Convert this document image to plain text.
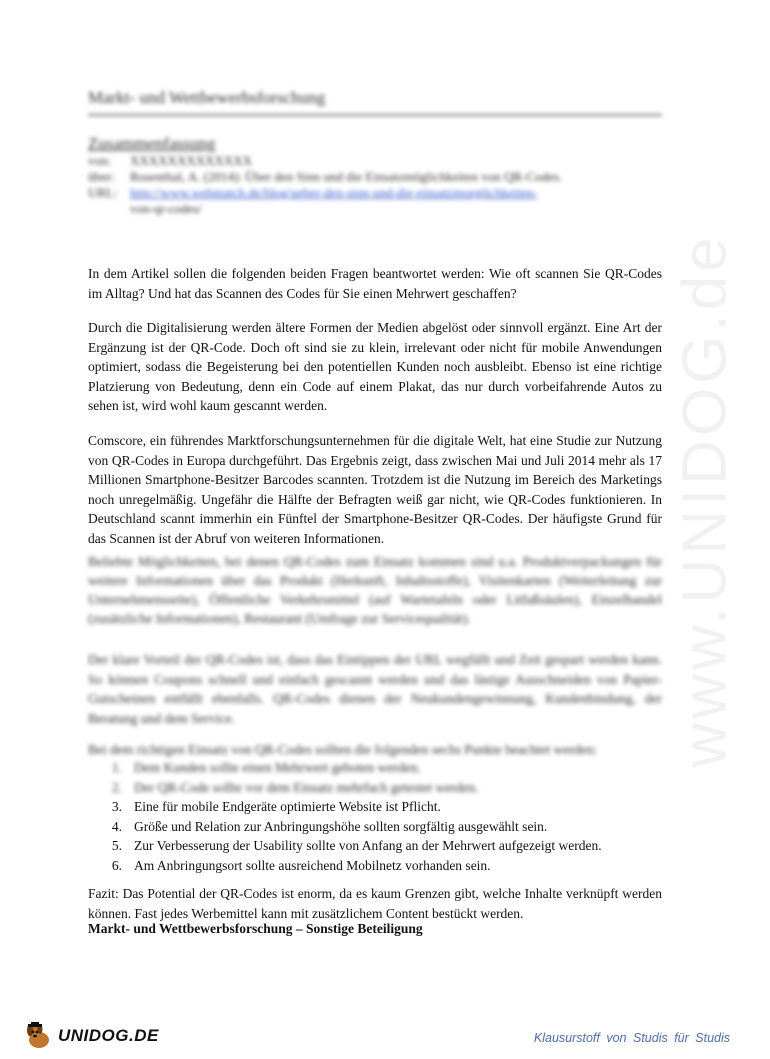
www.UNIDOG.de
Markt- und Wettbewerbsforschung
Zusammenfassung
von:	XXXXXXXXXXXXX
über:	Rosenthal, A. (2014): Über den Sinn und die Einsatzmöglichkeiten von QR-Codes.
URL: http://www.webmatch.de/blog/ueber-den-sinn-und-die-einsatzmoeglichkeiten-
von-qr-codes/

In dem Artikel sollen die folgenden beiden Fragen beantwortet werden: Wie oft scannen Sie QR-Codes im Alltag? Und hat das Scannen des Codes für Sie einen Mehrwert geschaffen?

Durch die Digitalisierung werden ältere Formen der Medien abgelöst oder sinnvoll ergänzt. Eine Art der Ergänzung ist der QR-Code. Doch oft sind sie zu klein, irrelevant oder nicht für mobile Anwendungen optimiert, sodass die Begeisterung bei den potentiellen Kunden noch ausbleibt. Ebenso ist eine richtige Platzierung von Bedeutung, denn ein Code auf einem Plakat, das nur durch vorbeifahrende Autos zu sehen ist, wird wohl kaum gescannt werden.

Comscore, ein führendes Marktforschungsunternehmen für die digitale Welt, hat eine Studie zur Nutzung von QR-Codes in Europa durchgeführt. Das Ergebnis zeigt, dass zwischen Mai und Juli 2014 mehr als 17 Millionen Smartphone-Besitzer Barcodes scannten. Trotzdem ist die Nutzung im Bereich des Marketings noch unregelmäßig. Ungefähr die Hälfte der Befragten weiß gar nicht, wie QR-Codes funktionieren. In Deutschland scannt immerhin ein Fünftel der Smartphone-Besitzer QR-Codes. Der häufigste Grund für das Scannen ist der Abruf von weiteren Informationen.

Beliebte Möglichkeiten, bei denen QR-Codes zum Einsatz kommen sind u.a. Produktverpackungen für weitere Informationen über das Produkt (Herkunft, Inhaltsstoffe), Visitenkarten (Weiterleitung zur Unternehmensseite), Öffentliche Verkehrsmittel (auf Wartetafeln oder Litfaßsäulen), Einzelhandel (zusätzliche Informationen), Restaurant (Umfrage zur Servicequalität).

Der klare Vorteil der QR-Codes ist, dass das Eintippen der URL wegfällt und Zeit gespart werden kann. So können Coupons schnell und einfach gescannt werden und das lästige Ausschneiden von Papier-Gutscheinen entfällt ebenfalls. QR-Codes dienen der Neukundengewinnung, Kundenbindung, der Beratung und dem Service.

Bei dem richtigen Einsatz von QR-Codes sollten die folgenden sechs Punkte beachtet werden:

1. Dem Kunden sollte einen Mehrwert geboten werden.
2. Der QR-Code sollte vor dem Einsatz mehrfach getestet werden.
3. Eine für mobile Endgeräte optimierte Website ist Pflicht.
4. Größe und Relation zur Anbringungshöhe sollten sorgfältig ausgewählt sein.
5. Zur Verbesserung der Usability sollte von Anfang an der Mehrwert aufgezeigt werden.
6. Am Anbringungsort sollte ausreichend Mobilnetz vorhanden sein.

Fazit: Das Potential der QR-Codes ist enorm, da es kaum Grenzen gibt, welche Inhalte verknüpft werden können. Fast jedes Werbemittel kann mit zusätzlichem Content bestückt werden.

Markt- und Wettbewerbsforschung – Sonstige Beteiligung
UNIDOG.DE	Klausurstoff von Studis für Studis
